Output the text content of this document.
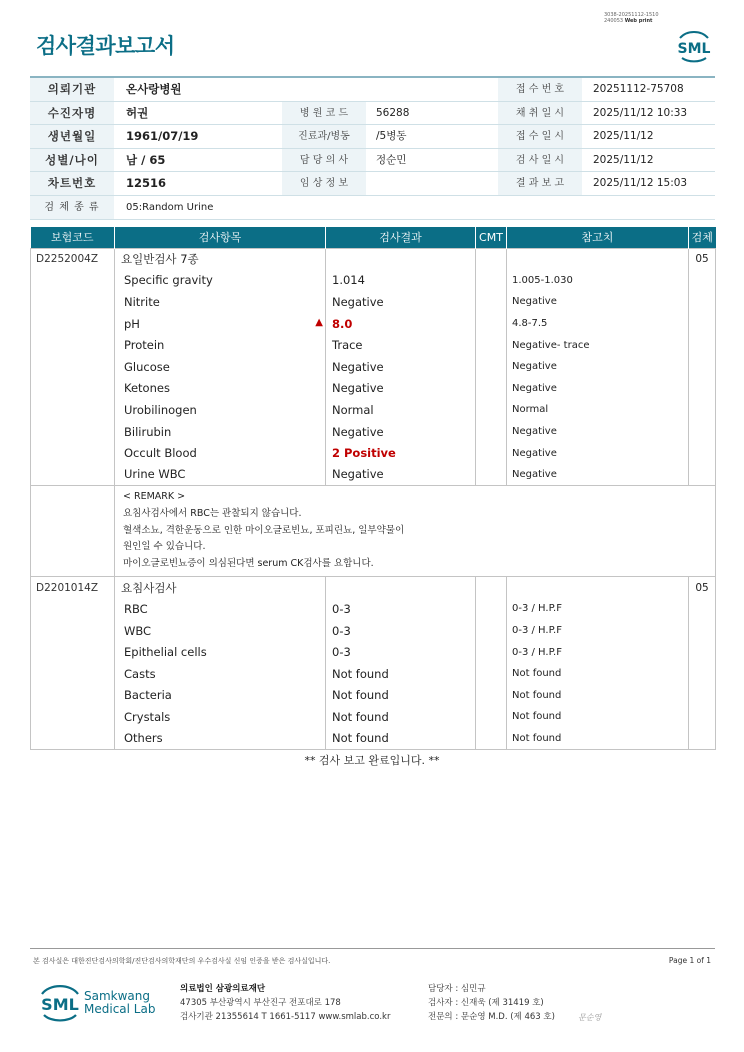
3038-20251112-1510
240053 Web print
검사결과보고서	SML
의뢰기관	온사랑병원	접 수 번 호	20251112-75708
수진자명	허권	병 원 코 드	56288	채 취 일 시	2025/11/12 10:33
생년월일	1961/07/19	진료과/병동	/5병동	접 수 일 시	2025/11/12
성별/나이	남 / 65	담 당 의 사	정순민	검 사 일 시	2025/11/12
차트번호	12516	임 상 정 보	결 과 보 고	2025/11/12 15:03
검 체 종 류	05:Random Urine
보험코드	검사항목	검사결과	CMT	참고치	검체
D2252004Z	요일반검사 7종				05
	Specific gravity	1.014		1.005-1.030	
	Nitrite	Negative		Negative	
	pH ▲	8.0		4.8-7.5	
	Protein	Trace		Negative- trace	
	Glucose	Negative		Negative	
	Ketones	Negative		Negative	
	Urobilinogen	Normal		Normal	
	Bilirubin	Negative		Negative	
	Occult Blood	2 Positive		Negative	
	Urine WBC	Negative		Negative	

	< REMARK >
요침사검사에서 RBC는 관찰되지 않습니다.
혈색소뇨, 격한운동으로 인한 마이오글로빈뇨, 포피린뇨, 일부약물이
원인일 수 있습니다.
마이오글로빈뇨증이 의심된다면 serum CK검사를 요합니다.				

D2201014Z	요침사검사				05
	RBC	0-3		0-3 / H.P.F	
	WBC	0-3		0-3 / H.P.F	
	Epithelial cells	0-3		0-3 / H.P.F	
	Casts	Not found		Not found	
	Bacteria	Not found		Not found	
	Crystals	Not found		Not found	
	Others	Not found		Not found	
** 검사 보고 완료입니다. **
본 검사실은 대한진단검사의학회/진단검사의학재단의 우수검사실 신임 인증을 받은 검사실입니다.	Page 1 of 1
SML Samkwang
Medical Lab
의료법인 삼광의료재단
47305 부산광역시 부산진구 전포대로 178
검사기관 21355614 T 1661-5117 www.smlab.co.kr
담당자 : 심민규
검사자 : 신재욱 (제 31419 호)
전문의 : 문순영 M.D. (제 463 호)	문순영
